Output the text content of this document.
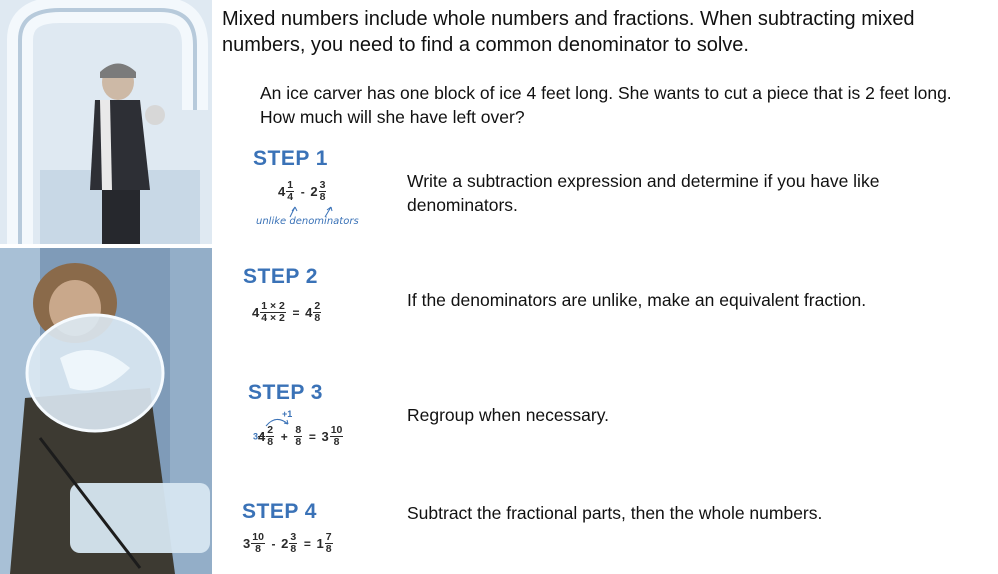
Mixed numbers include whole numbers and fractions. When subtracting mixed numbers, you need to find a common denominator to solve.
An ice carver has one block of ice 4 feet long. She wants to cut a piece that is 2 feet long. How much will she have left over?
STEP 1
$4 \frac{1}{4} - 2 \frac{3}{8}$
unlike denominators
Write a subtraction expression and determine if you have like denominators.
STEP 2
$4 \frac{1 \times 2}{4 \times 2} = 4 \frac{2}{8}$
If the denominators are unlike, make an equivalent fraction.
STEP 3
+1
$34 \frac{2}{8} + \frac{8}{8} = 3 \frac{10}{8}$
Regroup when necessary.
STEP 4
$3 \frac{10}{8} - 2 \frac{3}{8} = 1 \frac{7}{8}$
Subtract the fractional parts, then the whole numbers.
